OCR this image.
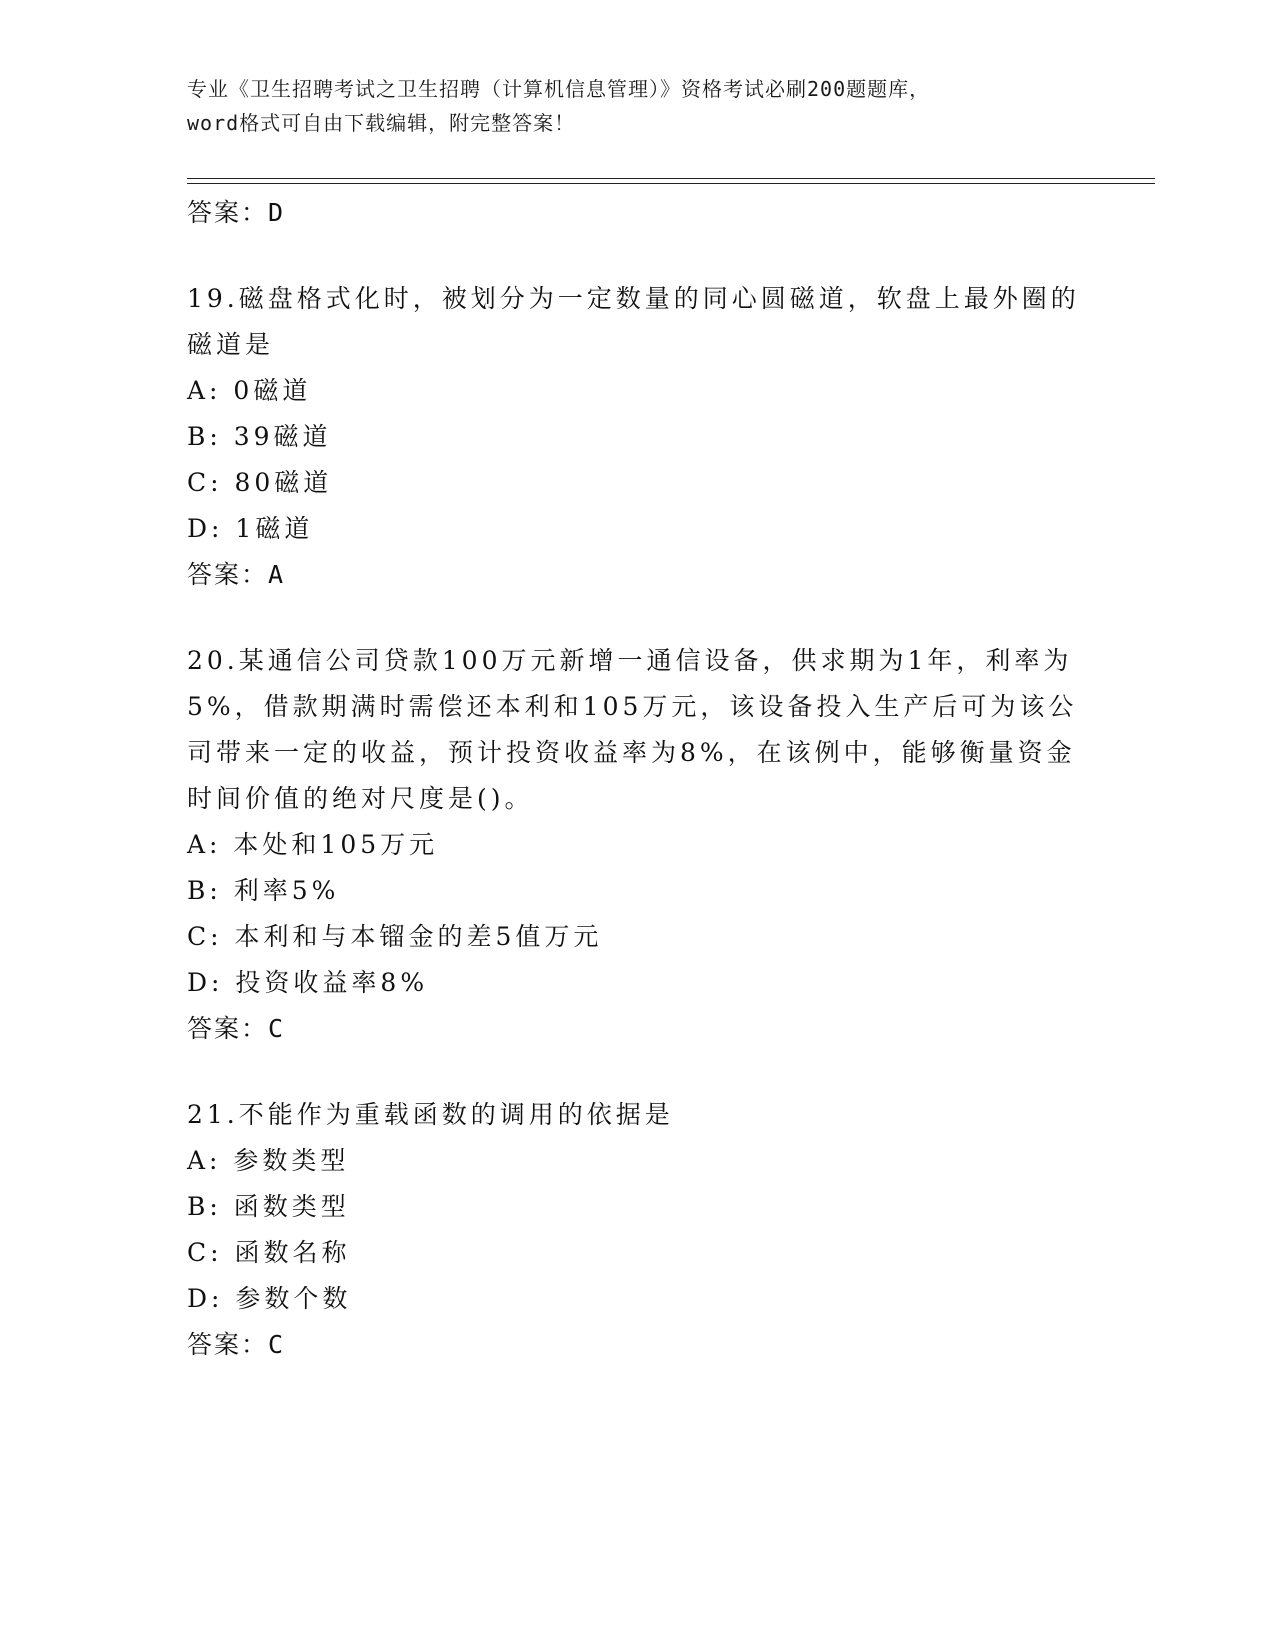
专业《卫生招聘考试之卫生招聘（计算机信息管理）》资格考试必刷200题题库，
word格式可自由下载编辑，附完整答案！
答案：D
19.磁盘格式化时，被划分为一定数量的同心圆磁道，软盘上最外圈的磁道是
A: 0磁道
B: 39磁道
C: 80磁道
D: 1磁道
答案：A
20.某通信公司贷款100万元新增一通信设备，供求期为1年，利率为5%，借款期满时需偿还本利和105万元，该设备投入生产后可为该公司带来一定的收益，预计投资收益率为8%，在该例中，能够衡量资金时间价值的绝对尺度是()。
A: 本处和105万元
B: 利率5%
C: 本利和与本镏金的差5值万元
D: 投资收益率8%
答案：C
21.不能作为重载函数的调用的依据是
A: 参数类型
B: 函数类型
C: 函数名称
D: 参数个数
答案：C
